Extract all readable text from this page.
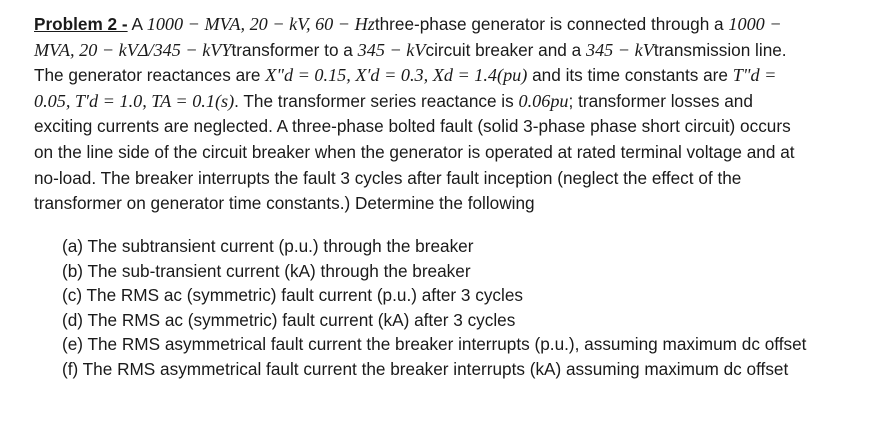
Problem 2 - A 1000 − MVA, 20 − kV, 60 − Hzthree-phase generator is connected through a 1000 −
MVA, 20 − kVΔ/345 − kVYtransformer to a 345 − kVcircuit breaker and a 345 − kVtransmission line.
The generator reactances are X"d = 0.15, X′d = 0.3, Xd = 1.4(pu) and its time constants are T"d =
0.05, T′d = 1.0, TA = 0.1(s). The transformer series reactance is 0.06pu; transformer losses and
exciting currents are neglected. A three-phase bolted fault (solid 3-phase phase short circuit) occurs
on the line side of the circuit breaker when the generator is operated at rated terminal voltage and at
no-load. The breaker interrupts the fault 3 cycles after fault inception (neglect the effect of the
transformer on generator time constants.) Determine the following

(a) The subtransient current (p.u.) through the breaker
(b) The sub-transient current (kA) through the breaker
(c) The RMS ac (symmetric) fault current (p.u.) after 3 cycles
(d) The RMS ac (symmetric) fault current (kA) after 3 cycles
(e) The RMS asymmetrical fault current the breaker interrupts (p.u.), assuming maximum dc offset
(f) The RMS asymmetrical fault current the breaker interrupts (kA) assuming maximum dc offset
